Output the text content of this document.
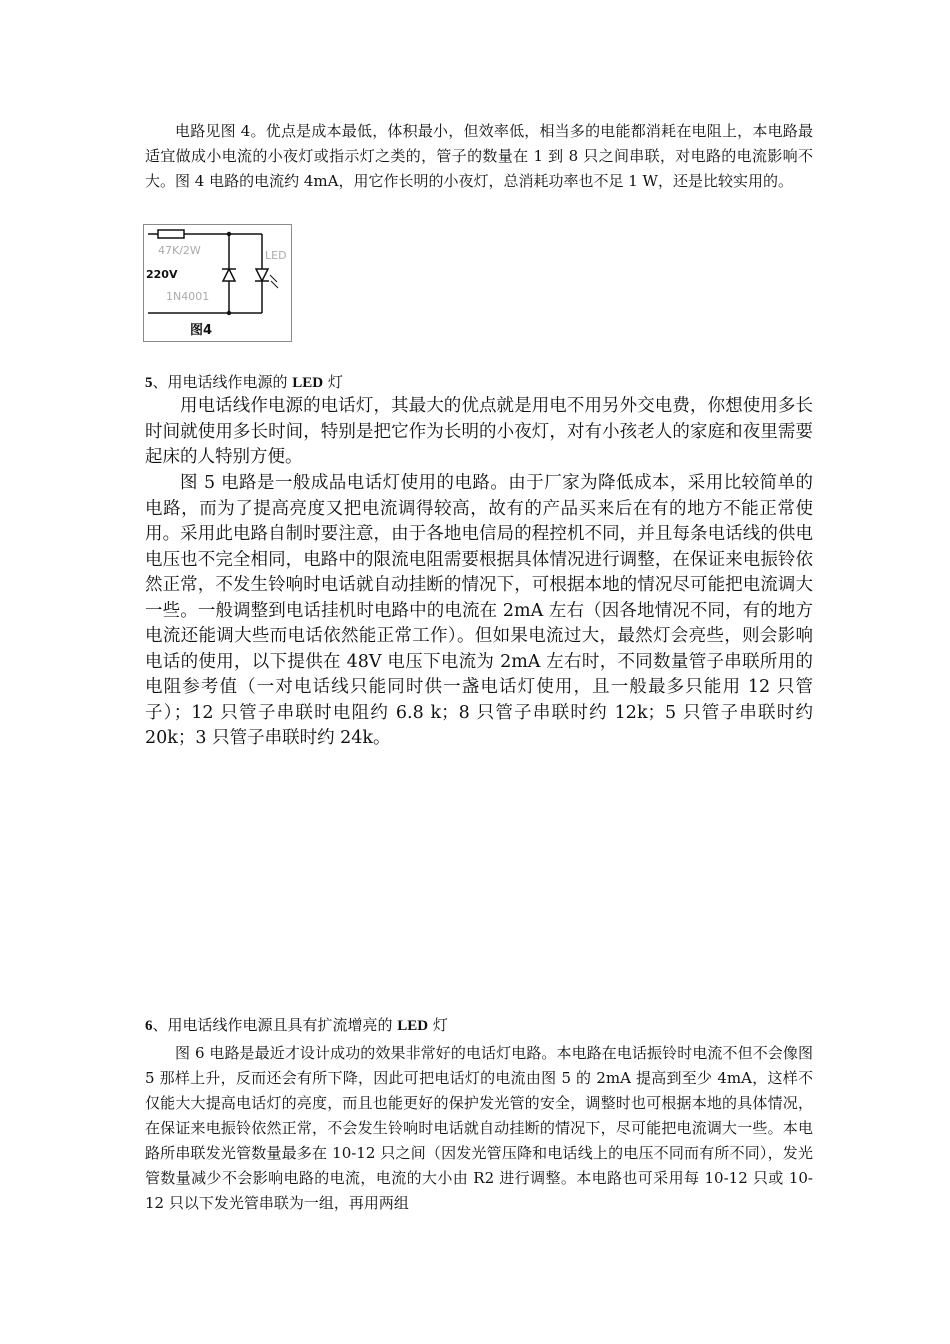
电路见图 4。优点是成本最低，体积最小，但效率低，相当多的电能都消耗在电阻上，本电路最适宜做成小电流的小夜灯或指示灯之类的，管子的数量在 1 到 8 只之间串联，对电路的电流影响不大。图 4 电路的电流约 4mA，用它作长明的小夜灯，总消耗功率也不足 1 W，还是比较实用的。

47K/2W
220V
1N4001
LED
图4
5、用电话线作电源的 LED 灯

用电话线作电源的电话灯，其最大的优点就是用电不用另外交电费，你想使用多长时间就使用多长时间，特别是把它作为长明的小夜灯，对有小孩老人的家庭和夜里需要起床的人特别方便。

图 5 电路是一般成品电话灯使用的电路。由于厂家为降低成本，采用比较简单的电路，而为了提高亮度又把电流调得较高，故有的产品买来后在有的地方不能正常使用。采用此电路自制时要注意，由于各地电信局的程控机不同，并且每条电话线的供电电压也不完全相同，电路中的限流电阻需要根据具体情况进行调整，在保证来电振铃依然正常，不发生铃响时电话就自动挂断的情况下，可根据本地的情况尽可能把电流调大一些。一般调整到电话挂机时电路中的电流在 2mA 左右（因各地情况不同，有的地方电流还能调大些而电话依然能正常工作）。但如果电流过大，最然灯会亮些，则会影响电话的使用，以下提供在 48V 电压下电流为 2mA 左右时，不同数量管子串联所用的电阻参考值（一对电话线只能同时供一盏电话灯使用，且一般最多只能用 12 只管子）；12 只管子串联时电阻约 6.8 k；8 只管子串联时约 12k；5 只管子串联时约 20k；3 只管子串联时约 24k。

6、用电话线作电源且具有扩流增亮的 LED 灯

图 6 电路是最近才设计成功的效果非常好的电话灯电路。本电路在电话振铃时电流不但不会像图 5 那样上升，反而还会有所下降，因此可把电话灯的电流由图 5 的 2mA 提高到至少 4mA，这样不仅能大大提高电话灯的亮度，而且也能更好的保护发光管的安全，调整时也可根据本地的具体情况，在保证来电振铃依然正常，不会发生铃响时电话就自动挂断的情况下，尽可能把电流调大一些。本电路所串联发光管数量最多在 10-12 只之间（因发光管压降和电话线上的电压不同而有所不同），发光管数量减少不会影响电路的电流，电流的大小由 R2 进行调整。本电路也可采用每 10-12 只或 10-12 只以下发光管串联为一组，再用两组
